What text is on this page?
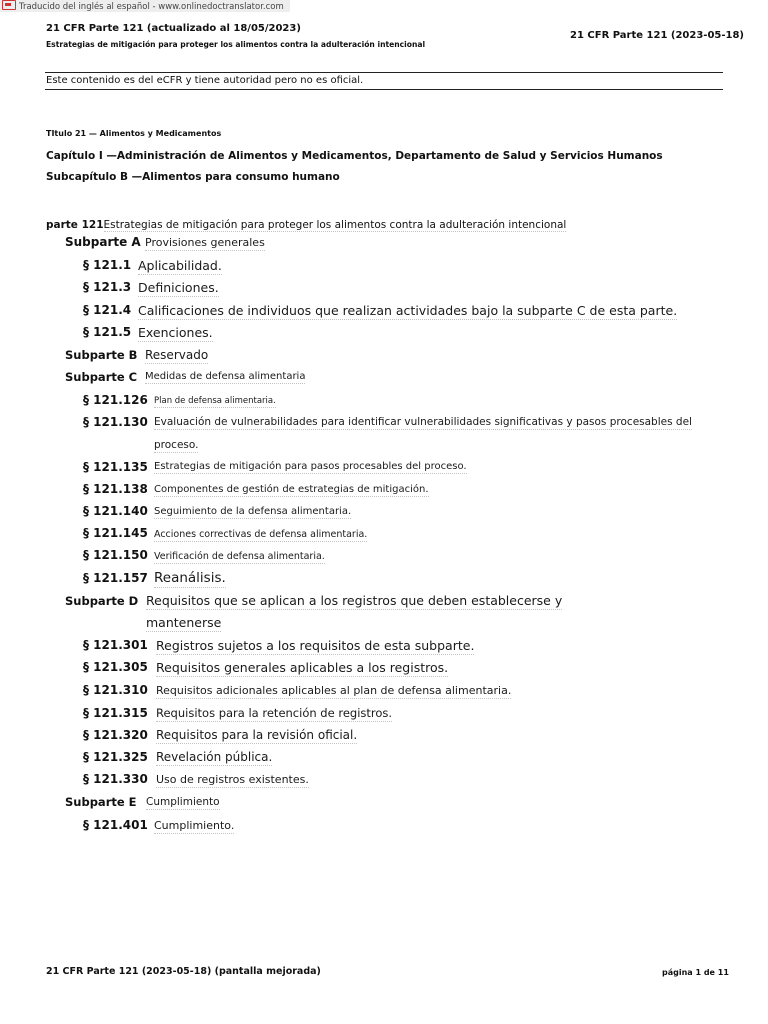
Traducido del inglés al español - www.onlinedoctranslator.com
21 CFR Parte 121 (actualizado al 18/05/2023)
Estrategias de mitigación para proteger los alimentos contra la adulteración intencional
21 CFR Parte 121 (2023-05-18)
Este contenido es del eCFR y tiene autoridad pero no es oficial.
TItulo 21 — Alimentos y Medicamentos
Capítulo I —Administración de Alimentos y Medicamentos, Departamento de Salud y Servicios Humanos
Subcapítulo B —Alimentos para consumo humano
parte 121Estrategias de mitigación para proteger los alimentos contra la adulteración intencional
Subparte A Provisiones generales
§ 121.1 Aplicabilidad.
§ 121.3 Definiciones.
§ 121.4 Calificaciones de individuos que realizan actividades bajo la subparte C de esta parte.
§ 121.5 Exenciones.
Subparte B Reservado
Subparte C Medidas de defensa alimentaria
§ 121.126 Plan de defensa alimentaria.
§ 121.130 Evaluación de vulnerabilidades para identificar vulnerabilidades significativas y pasos procesables del
proceso.
§ 121.135 Estrategias de mitigación para pasos procesables del proceso.
§ 121.138 Componentes de gestión de estrategias de mitigación.
§ 121.140 Seguimiento de la defensa alimentaria.
§ 121.145 Acciones correctivas de defensa alimentaria.
§ 121.150 Verificación de defensa alimentaria.
§ 121.157 Reanálisis.
Subparte D Requisitos que se aplican a los registros que deben establecerse y
mantenerse
§ 121.301 Registros sujetos a los requisitos de esta subparte.
§ 121.305 Requisitos generales aplicables a los registros.
§ 121.310 Requisitos adicionales aplicables al plan de defensa alimentaria.
§ 121.315 Requisitos para la retención de registros.
§ 121.320 Requisitos para la revisión oficial.
§ 121.325 Revelación pública.
§ 121.330 Uso de registros existentes.
Subparte E Cumplimiento
§ 121.401 Cumplimiento.
21 CFR Parte 121 (2023-05-18) (pantalla mejorada)	página 1 de 11
